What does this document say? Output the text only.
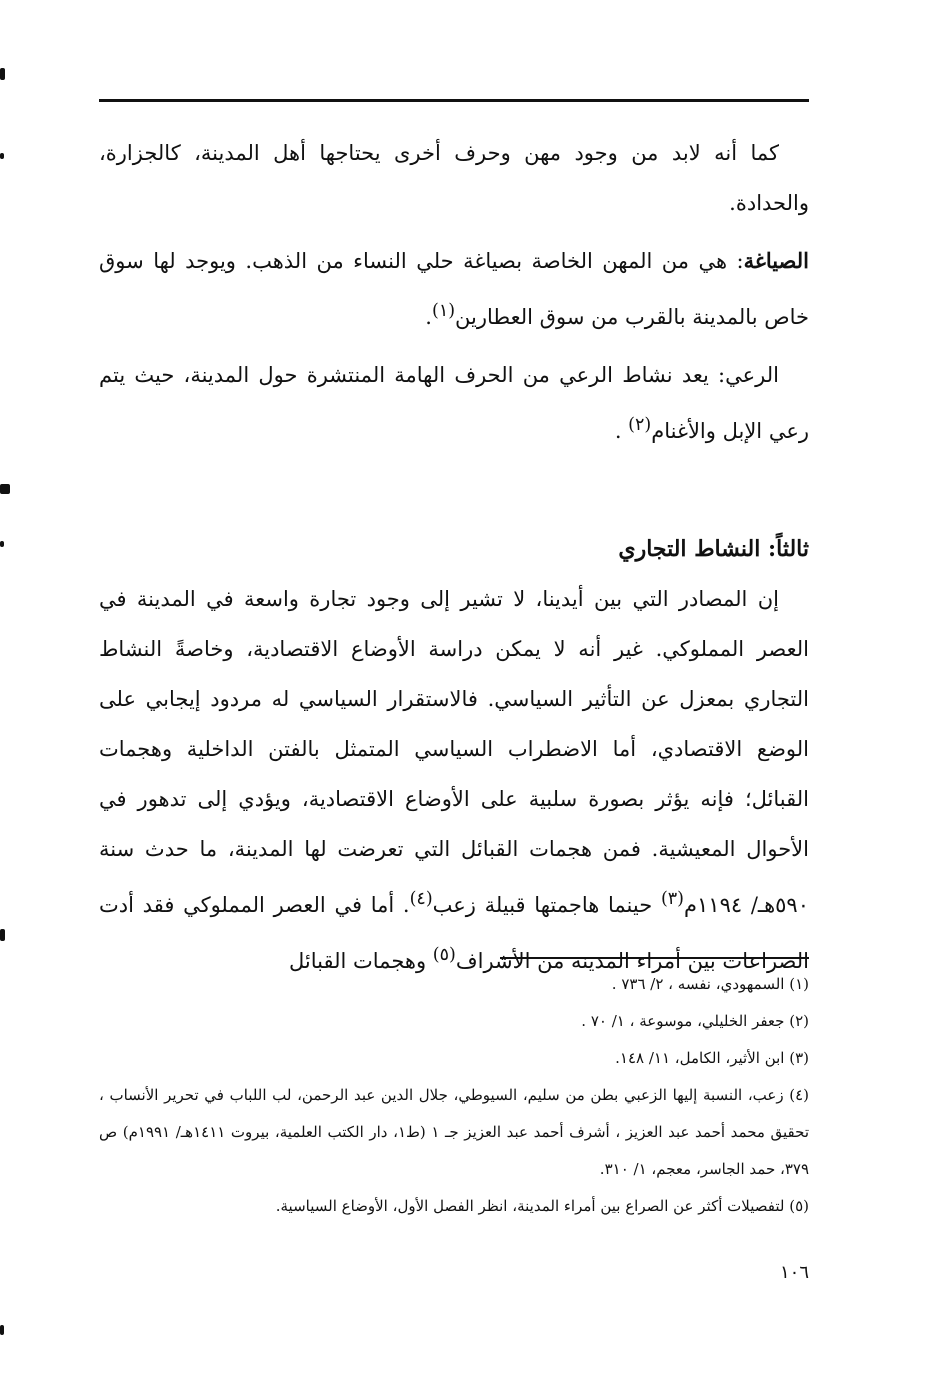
كما أنه لابد من وجود مهن وحرف أخرى يحتاجها أهل المدينة، كالجزارة، والحدادة.

الصياغة: هي من المهن الخاصة بصياغة حلي النساء من الذهب. ويوجد لها سوق خاص بالمدينة بالقرب من سوق العطارين$^{(١)}$.

الرعي: يعد نشاط الرعي من الحرف الهامة المنتشرة حول المدينة، حيث يتم رعي الإبل والأغنام$^{(٢)}$ .

ثالثاً: النشاط التجاري

إن المصادر التي بين أيدينا، لا تشير إلى وجود تجارة واسعة في المدينة في العصر المملوكي. غير أنه لا يمكن دراسة الأوضاع الاقتصادية، وخاصةً النشاط التجاري بمعزل عن التأثير السياسي. فالاستقرار السياسي له مردود إيجابي على الوضع الاقتصادي، أما الاضطراب السياسي المتمثل بالفتن الداخلية وهجمات القبائل؛ فإنه يؤثر بصورة سلبية على الأوضاع الاقتصادية، ويؤدي إلى تدهور في الأحوال المعيشية. فمن هجمات القبائل التي تعرضت لها المدينة، ما حدث سنة ٥٩٠هـ/ ١١٩٤م$^{(٣)}$ حينما هاجمتها قبيلة زعب$^{(٤)}$. أما في العصر المملوكي فقد أدت الصراعات بين أمراء المدينة من الأشراف$^{(٥)}$ وهجمات القبائل

(١) السمهودي، نفسه ، ٢/ ٧٣٦ .

(٢) جعفر الخليلي، موسوعة ، ١/ ٧٠ .

(٣) ابن الأثير، الكامل، ١١/ ١٤٨.

(٤) زعب، النسبة إليها الزعبي بطن من سليم، السيوطي، جلال الدين عبد الرحمن، لب اللباب في تحرير الأنساب ، تحقيق محمد أحمد عبد العزيز ، أشرف أحمد عبد العزيز جـ ١ (ط١، دار الكتب العلمية، بيروت ١٤١١هـ/ ١٩٩١م) ص ٣٧٩، حمد الجاسر، معجم، ١/ ٣١٠.

(٥) لتفصيلات أكثر عن الصراع بين أمراء المدينة، انظر الفصل الأول، الأوضاع السياسية.

١٠٦
